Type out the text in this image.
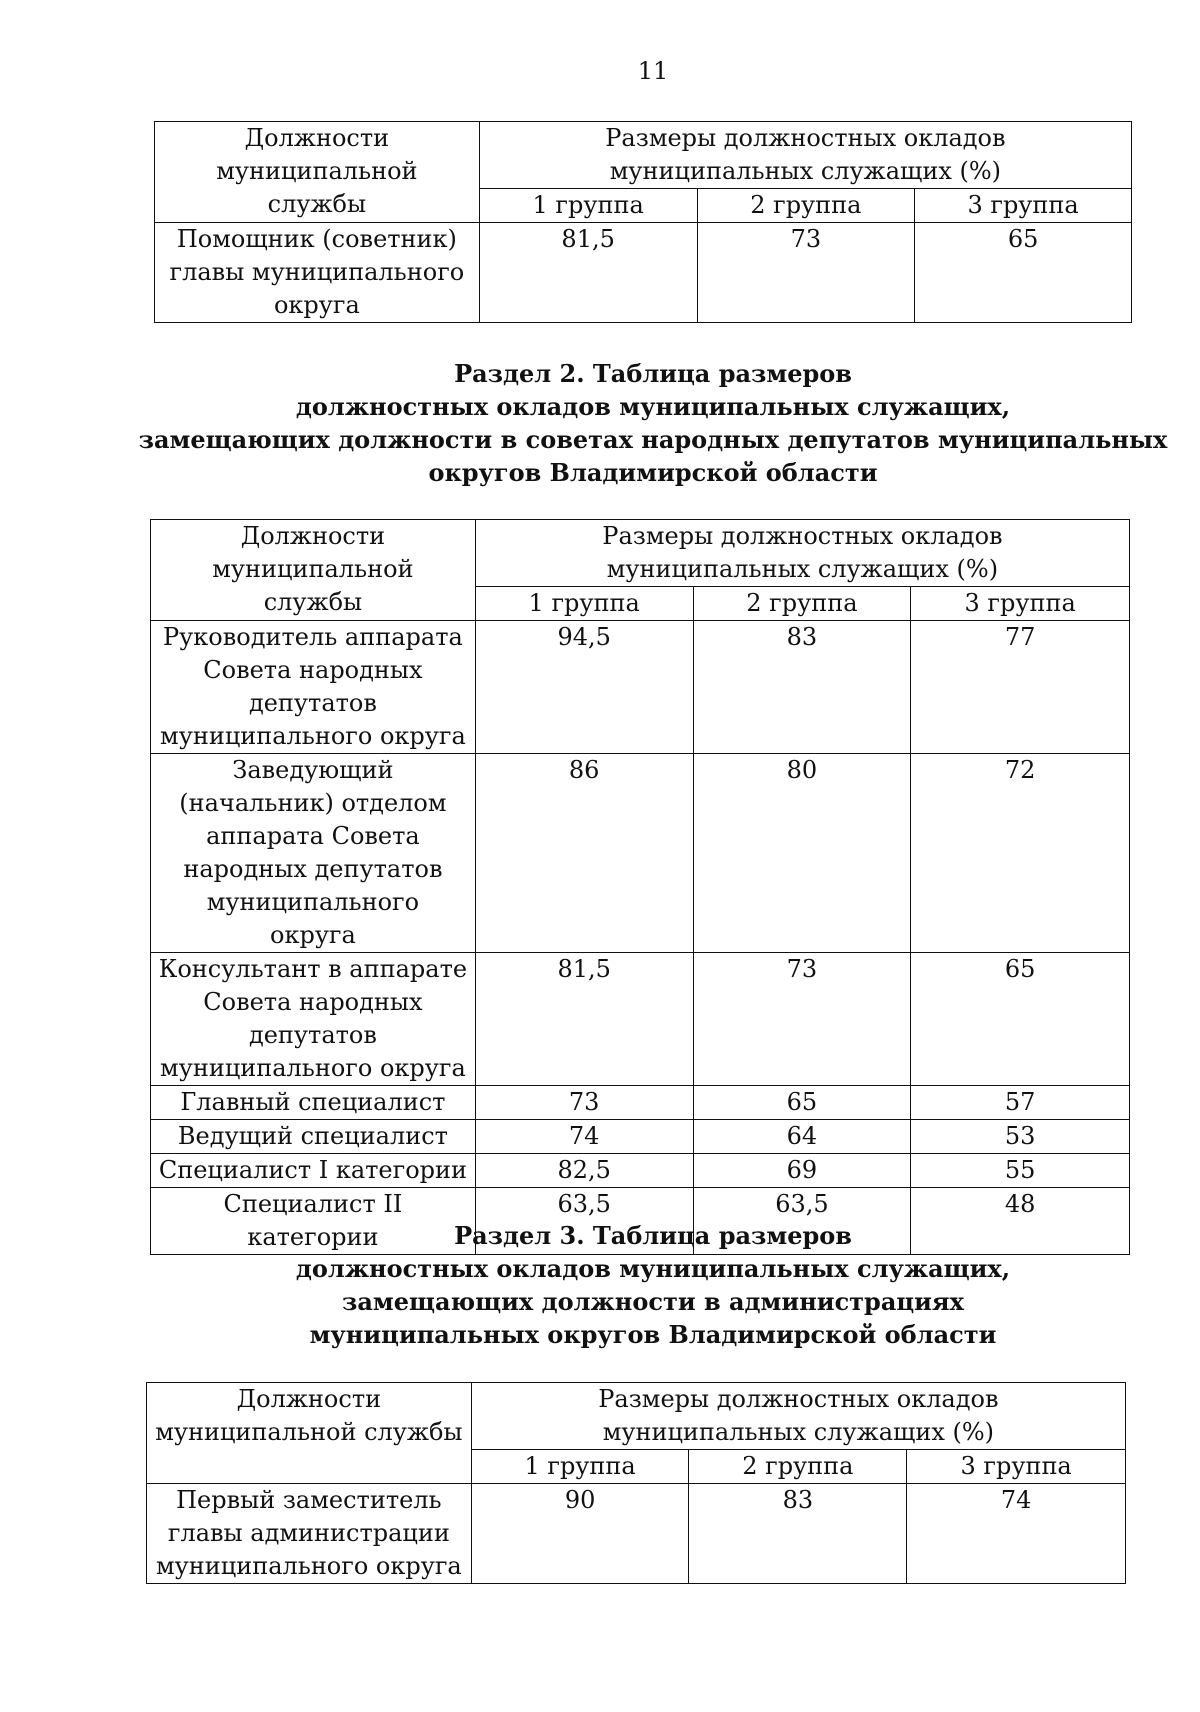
11
Должности муниципальной службы	Размеры должностных окладов муниципальных служащих (%)		
	1 группа	2 группа	3 группа
Помощник (советник) главы муниципального округа	81,5	73	65
Раздел 2. Таблица размеров
должностных окладов муниципальных служащих,
замещающих должности в советах народных депутатов муниципальных
округов Владимирской области
Должности муниципальной службы	Размеры должностных окладов муниципальных служащих (%)		
	1 группа	2 группа	3 группа
Руководитель аппарата Совета народных депутатов муниципального округа	94,5	83	77
Заведующий (начальник) отделом аппарата Совета народных депутатов муниципального округа	86	80	72
Консультант в аппарате Совета народных депутатов муниципального округа	81,5	73	65
Главный специалист	73	65	57
Ведущий специалист	74	64	53
Специалист I категории	82,5	69	55
Специалист II категории	63,5	63,5	48
Раздел 3. Таблица размеров
должностных окладов муниципальных служащих,
замещающих должности в администрациях
муниципальных округов Владимирской области
Должности муниципальной службы	Размеры должностных окладов муниципальных служащих (%)		
	1 группа	2 группа	3 группа
Первый заместитель главы администрации муниципального округа	90	83	74
